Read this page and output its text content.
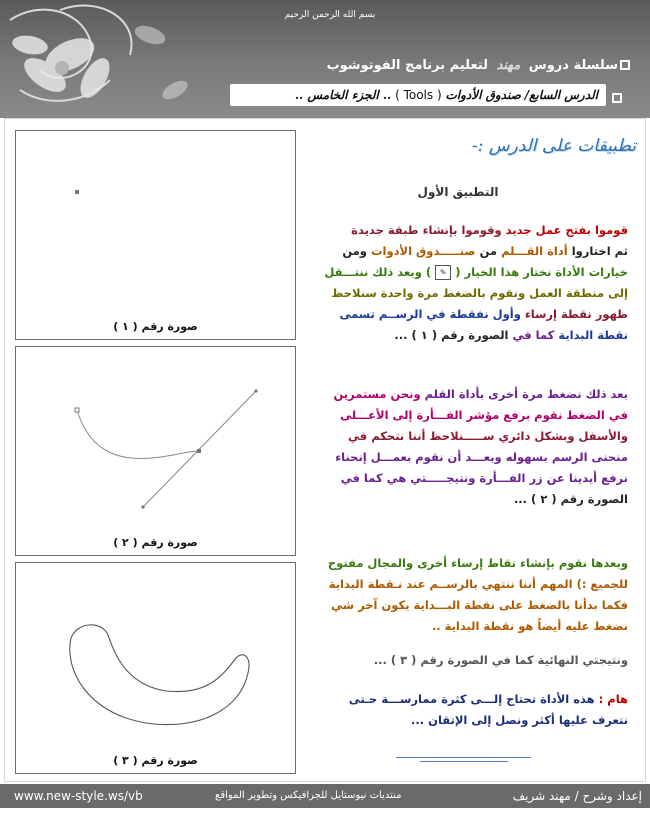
بسم الله الرحمن الرحيم
سلسلة دروس مهند لتعليم برنامج الفوتوشوب
الدرس السابع/ صندوق الأدوات ( Tools ) .. الجزء الخامس ..
صورة رقم ( ١ )
صورة رقم ( ٢ )
صورة رقم ( ٣ )
تطبيقات على الدرس :-
التطبيق الأول
قوموا بفتح عمل جديد وقوموا بإنشاء طبقة جديدة
ثم اختاروا أداة القـــلم من صنـــــدوق الأدوات ومن
خيارات الأداة نختار هذا الخيار ( ✎ ) وبعد ذلك ننتـــقل
إلى منطقة العمل ونقوم بالضغط مرة واحدة سنلاحظ
ظهور نقطة إرساء وأول نفقطة في الرســم تسمى
نقطة البداية كما في الصورة رقم ( ١ ) ...
بعد ذلك نضغط مرة أخرى بأداة القلم ونحن مستمرين
في الضغط نقوم برفع مؤشر الفـــأرة إلى الأعـــلى
والأسفل وبشكل دائري ســـــنلاحظ أننا نتحكم في
منحنى الرسم بسهوله وبعـــد أن نقوم بعمـــل إنحناء
نرفع أيدينا عن زر الفـــأرة ونتيجـــــتي هي كما في
الصورة رقم ( ٢ ) ...
وبعدها نقوم بإنشاء نقاط إرساء أخرى والمجال مفتوح
للجميع :) المهم أننا ننتهي بالرســم عند نـقطة البداية
فكما بدأنا بالضغط على نقطة البـــداية يكون آخر شي
نضغط عليه أيضاً هو نقطة البداية ..
ونتيجتي النهائية كما في الصورة رقم ( ٣ ) ...
هام : هذه الأداة تحتاج إلـــى كثرة ممارســـة حـتى
نتعرف عليها أكثر ونصل إلى الإتقان ...
www.new-style.ws/vb	منتديات نيوستايل للجرافيكس وتطوير المواقع	إعداد وشرح / مهند شريف
